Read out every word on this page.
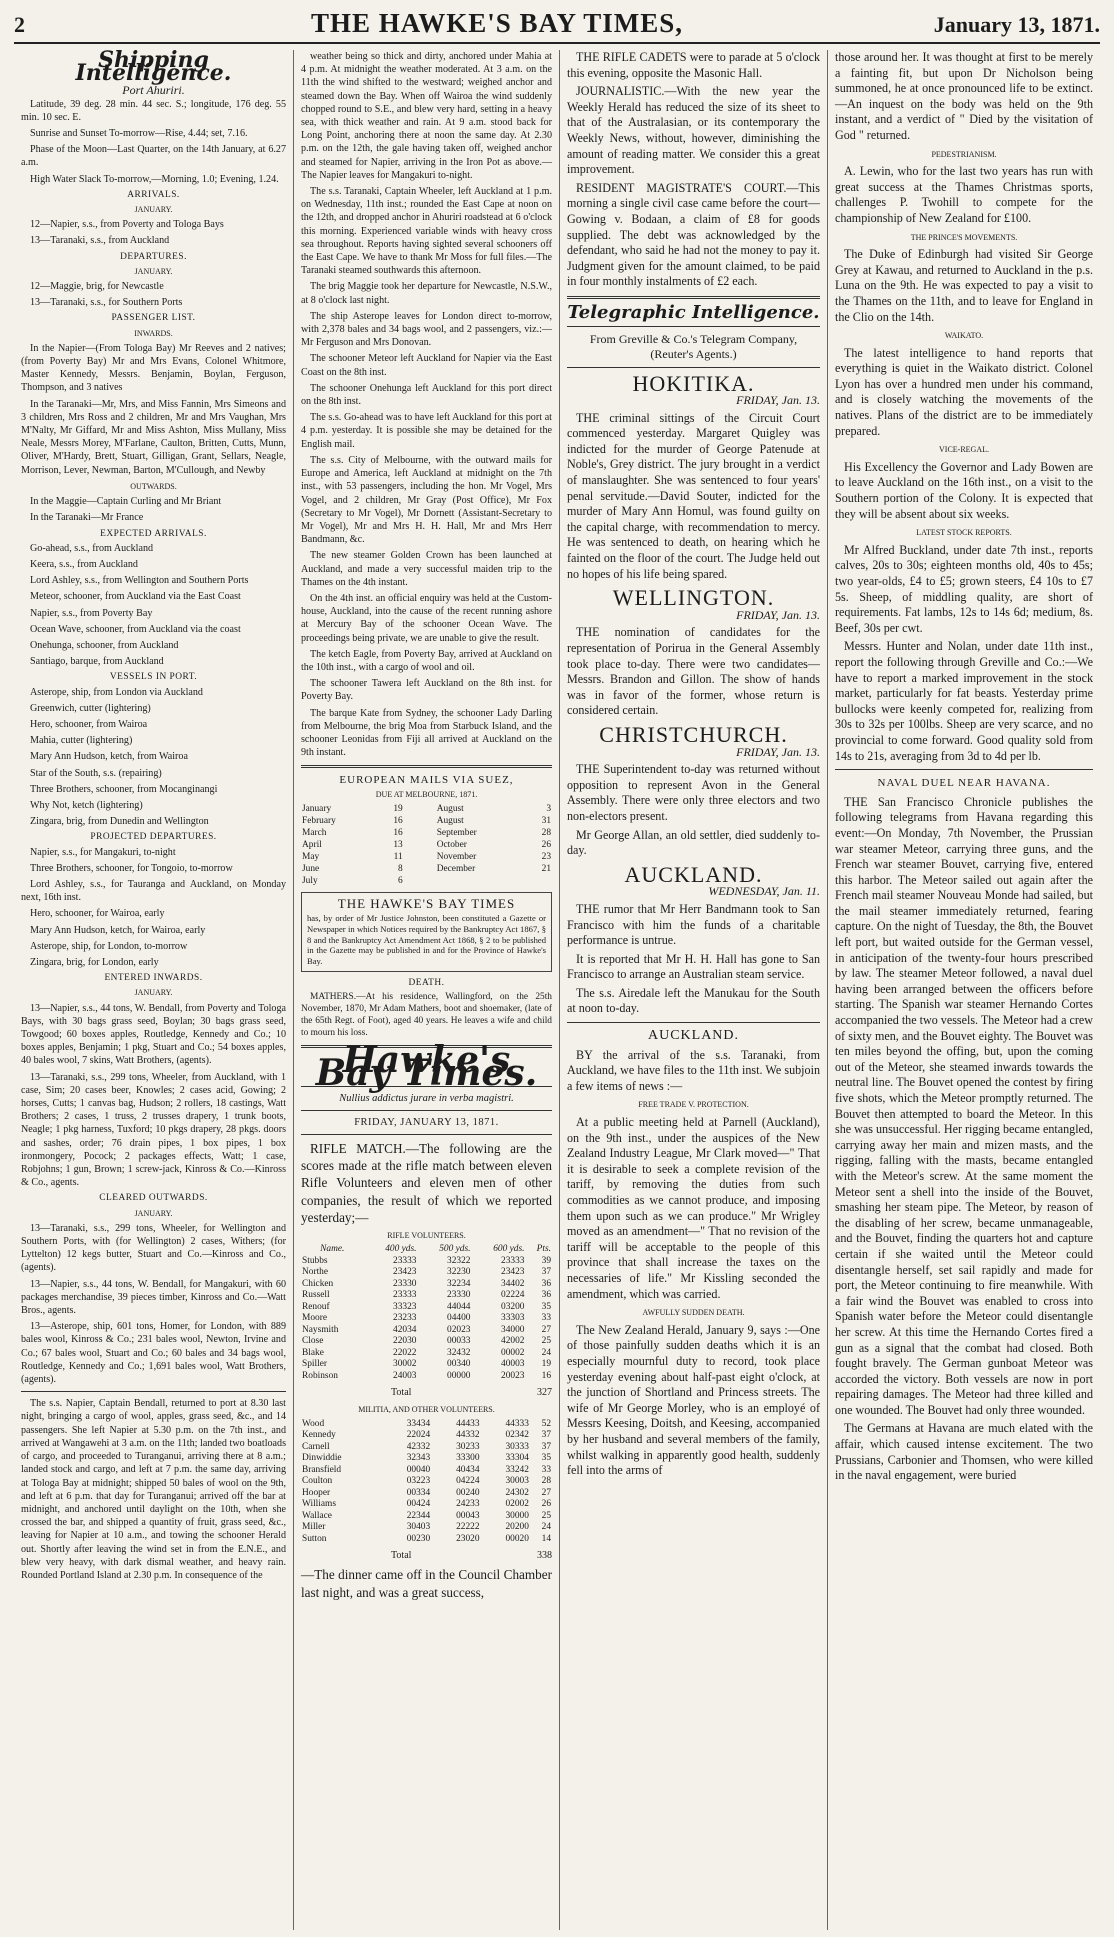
2	THE HAWKE'S BAY TIMES,	January 13, 1871.
Shipping Intelligence.
Port Ahuriri.

Latitude, 39 deg. 28 min. 44 sec. S.; longitude, 176 deg. 55 min. 10 sec. E.

Sunrise and Sunset To-morrow—Rise, 4.44; set, 7.16.

Phase of the Moon—Last Quarter, on the 14th January, at 6.27 a.m.

High Water Slack To-morrow,—Morning, 1.0; Evening, 1.24.

ARRIVALS.
JANUARY.

12—Napier, s.s., from Poverty and Tologa Bays

13—Taranaki, s.s., from Auckland

DEPARTURES.
JANUARY.

12—Maggie, brig, for Newcastle

13—Taranaki, s.s., for Southern Ports

PASSENGER LIST.
INWARDS.

In the Napier—(From Tologa Bay) Mr Reeves and 2 natives; (from Poverty Bay) Mr and Mrs Evans, Colonel Whitmore, Master Kennedy, Messrs. Benjamin, Boylan, Ferguson, Thompson, and 3 natives

In the Taranaki—Mr, Mrs, and Miss Fannin, Mrs Simeons and 3 children, Mrs Ross and 2 children, Mr and Mrs Vaughan, Mrs M'Nalty, Mr Giffard, Mr and Miss Ashton, Miss Mullany, Miss Neale, Messrs Morey, M'Farlane, Caulton, Britten, Cutts, Munn, Oliver, M'Hardy, Brett, Stuart, Gilligan, Grant, Sellars, Neagle, Morrison, Lever, Newman, Barton, M'Cullough, and Newby

OUTWARDS.

In the Maggie—Captain Curling and Mr Briant

In the Taranaki—Mr France

EXPECTED ARRIVALS.

Go-ahead, s.s., from Auckland

Keera, s.s., from Auckland

Lord Ashley, s.s., from Wellington and Southern Ports

Meteor, schooner, from Auckland via the East Coast

Napier, s.s., from Poverty Bay

Ocean Wave, schooner, from Auckland via the coast

Onehunga, schooner, from Auckland

Santiago, barque, from Auckland

VESSELS IN PORT.

Asterope, ship, from London via Auckland

Greenwich, cutter (lightering)

Hero, schooner, from Wairoa

Mahia, cutter (lightering)

Mary Ann Hudson, ketch, from Wairoa

Star of the South, s.s. (repairing)

Three Brothers, schooner, from Mocanginangi

Why Not, ketch (lightering)

Zingara, brig, from Dunedin and Wellington

PROJECTED DEPARTURES.

Napier, s.s., for Mangakuri, to-night

Three Brothers, schooner, for Tongoio, to-morrow

Lord Ashley, s.s., for Tauranga and Auckland, on Monday next, 16th inst.

Hero, schooner, for Wairoa, early

Mary Ann Hudson, ketch, for Wairoa, early

Asterope, ship, for London, to-morrow

Zingara, brig, for London, early

ENTERED INWARDS.
JANUARY.

13—Napier, s.s., 44 tons, W. Bendall, from Poverty and Tologa Bays, with 30 bags grass seed, Boylan; 30 bags grass seed, Towgood; 60 boxes apples, Routledge, Kennedy and Co.; 10 boxes apples, Benjamin; 1 pkg, Stuart and Co.; 54 boxes apples, 40 bales wool, 7 skins, Watt Brothers, (agents).

13—Taranaki, s.s., 299 tons, Wheeler, from Auckland, with 1 case, Sim; 20 cases beer, Knowles; 2 cases acid, Gowing; 2 horses, Cutts; 1 canvas bag, Hudson; 2 rollers, 18 castings, Watt Brothers; 2 cases, 1 truss, 2 trusses drapery, 1 trunk boots, Neagle; 1 pkg harness, Tuxford; 10 pkgs drapery, 28 pkgs. doors and sashes, order; 76 drain pipes, 1 box pipes, 1 box ironmongery, Pocock; 2 packages effects, Watt; 1 case, Robjohns; 1 gun, Brown; 1 screw-jack, Kinross & Co.—Kinross & Co., agents.

CLEARED OUTWARDS.
JANUARY.

13—Taranaki, s.s., 299 tons, Wheeler, for Wellington and Southern Ports, with (for Wellington) 2 cases, Withers; (for Lyttelton) 12 kegs butter, Stuart and Co.—Kinross and Co., (agents).

13—Napier, s.s., 44 tons, W. Bendall, for Mangakuri, with 60 packages merchandise, 39 pieces timber, Kinross and Co.—Watt Bros., agents.

13—Asterope, ship, 601 tons, Homer, for London, with 889 bales wool, Kinross & Co.; 231 bales wool, Newton, Irvine and Co.; 67 bales wool, Stuart and Co.; 60 bales and 34 bags wool, Routledge, Kennedy and Co.; 1,691 bales wool, Watt Brothers, (agents).

The s.s. Napier, Captain Bendall, returned to port at 8.30 last night, bringing a cargo of wool, apples, grass seed, &c., and 14 passengers. She left Napier at 5.30 p.m. on the 7th inst., and arrived at Wangawehi at 3 a.m. on the 11th; landed two boatloads of cargo, and proceeded to Turanganui, arriving there at 8 a.m.; landed stock and cargo, and left at 7 p.m. the same day, arriving at Tologa Bay at midnight; shipped 50 bales of wool on the 9th, and left at 6 p.m. that day for Turanganui; arrived off the bar at midnight, and anchored until daylight on the 10th, when she crossed the bar, and shipped a quantity of fruit, grass seed, &c., leaving for Napier at 10 a.m., and towing the schooner Herald out. Shortly after leaving the wind set in from the E.N.E., and blew very heavy, with dark dismal weather, and heavy rain. Rounded Portland Island at 2.30 p.m. In consequence of the

weather being so thick and dirty, anchored under Mahia at 4 p.m. At midnight the weather moderated. At 3 a.m. on the 11th the wind shifted to the westward; weighed anchor and steamed down the Bay. When off Wairoa the wind suddenly chopped round to S.E., and blew very hard, setting in a heavy sea, with thick weather and rain. At 9 a.m. stood back for Long Point, anchoring there at noon the same day. At 2.30 p.m. on the 12th, the gale having taken off, weighed anchor and steamed for Napier, arriving in the Iron Pot as above.—The Napier leaves for Mangakuri to-night.

The s.s. Taranaki, Captain Wheeler, left Auckland at 1 p.m. on Wednesday, 11th inst.; rounded the East Cape at noon on the 12th, and dropped anchor in Ahuriri roadstead at 6 o'clock this morning. Experienced variable winds with heavy cross sea throughout. Reports having sighted several schooners off the East Cape. We have to thank Mr Moss for full files.—The Taranaki steamed southwards this afternoon.

The brig Maggie took her departure for Newcastle, N.S.W., at 8 o'clock last night.

The ship Asterope leaves for London direct to-morrow, with 2,378 bales and 34 bags wool, and 2 passengers, viz.:—Mr Ferguson and Mrs Donovan.

The schooner Meteor left Auckland for Napier via the East Coast on the 8th inst.

The schooner Onehunga left Auckland for this port direct on the 8th inst.

The s.s. Go-ahead was to have left Auckland for this port at 4 p.m. yesterday. It is possible she may be detained for the English mail.

The s.s. City of Melbourne, with the outward mails for Europe and America, left Auckland at midnight on the 7th inst., with 53 passengers, including the hon. Mr Vogel, Mrs Vogel, and 2 children, Mr Gray (Post Office), Mr Fox (Secretary to Mr Vogel), Mr Dornett (Assistant-Secretary to Mr Vogel), Mr and Mrs H. H. Hall, Mr and Mrs Herr Bandmann, &c.

The new steamer Golden Crown has been launched at Auckland, and made a very successful maiden trip to the Thames on the 4th instant.

On the 4th inst. an official enquiry was held at the Custom-house, Auckland, into the cause of the recent running ashore at Mercury Bay of the schooner Ocean Wave. The proceedings being private, we are unable to give the result.

The ketch Eagle, from Poverty Bay, arrived at Auckland on the 10th inst., with a cargo of wool and oil.

The schooner Tawera left Auckland on the 8th inst. for Poverty Bay.

The barque Kate from Sydney, the schooner Lady Darling from Melbourne, the brig Moa from Starbuck Island, and the schooner Leonidas from Fiji all arrived at Auckland on the 9th instant.

EUROPEAN MAILS VIA SUEZ,
DUE AT MELBOURNE, 1871.
January	19		August	3
February	16		August	31
March	16		September	28
April	13		October	26
May	11		November	23
June	8		December	21
July	6			
THE HAWKE'S BAY TIMES
has, by order of Mr Justice Johnston, been constituted a Gazette or Newspaper in which Notices required by the Bankruptcy Act 1867, § 8 and the Bankruptcy Act Amendment Act 1868, § 2 to be published in the Gazette may be published in and for the Province of Hawke's Bay.
DEATH.

MATHERS.—At his residence, Wallingford, on the 25th November, 1870, Mr Adam Mathers, boot and shoemaker, (late of the 65th Regt. of Foot), aged 40 years. He leaves a wife and child to mourn his loss.

Hawke's Bay Times.
Nullius addictus jurare in verba magistri.
FRIDAY, JANUARY 13, 1871.

RIFLE MATCH.—The following are the scores made at the rifle match between eleven Rifle Volunteers and eleven men of other companies, the result of which we reported yesterday;—

RIFLE VOLUNTEERS.
Name.	400 yds.	500 yds.	600 yds.	Pts.
Stubbs	23333	32322	23333	39
Northe	23423	32230	23423	37
Chicken	23330	32234	34402	36
Russell	23333	23330	02224	36
Renouf	33323	44044	03200	35
Moore	23233	04400	33303	33
Naysmith	42034	02023	34000	27
Close	22030	00033	42002	25
Blake	22022	32432	00002	24
Spiller	30002	00340	40003	19
Robinson	24003	00000	20023	16
Total	327
MILITIA, AND OTHER VOLUNTEERS.
Wood	33434	44433	44333	52
Kennedy	22024	44332	02342	37
Carnell	42332	30233	30333	37
Dinwiddie	32343	33300	33304	35
Bransfield	00040	40434	33242	33
Coulton	03223	04224	30003	28
Hooper	00334	00240	24302	27
Williams	00424	24233	02002	26
Wallace	22344	00043	30000	25
Miller	30403	22222	20200	24
Sutton	00230	23020	00020	14
Total	338

—The dinner came off in the Council Chamber last night, and was a great success,

THE RIFLE CADETS were to parade at 5 o'clock this evening, opposite the Masonic Hall.

JOURNALISTIC.—With the new year the Weekly Herald has reduced the size of its sheet to that of the Australasian, or its contemporary the Weekly News, without, however, diminishing the amount of reading matter. We consider this a great improvement.

RESIDENT MAGISTRATE'S COURT.—This morning a single civil case came before the court—Gowing v. Bodaan, a claim of £8 for goods supplied. The debt was acknowledged by the defendant, who said he had not the money to pay it. Judgment given for the amount claimed, to be paid in four monthly instalments of £2 each.

Telegraphic Intelligence.
From Greville & Co.'s Telegram Company, (Reuter's Agents.)
HOKITIKA.
FRIDAY, Jan. 13.

THE criminal sittings of the Circuit Court commenced yesterday. Margaret Quigley was indicted for the murder of George Patenude at Noble's, Grey district. The jury brought in a verdict of manslaughter. She was sentenced to four years' penal servitude.—David Souter, indicted for the murder of Mary Ann Homul, was found guilty on the capital charge, with recommendation to mercy. He was sentenced to death, on hearing which he fainted on the floor of the court. The Judge held out no hopes of his life being spared.

WELLINGTON.
FRIDAY, Jan. 13.

THE nomination of candidates for the representation of Porirua in the General Assembly took place to-day. There were two candidates—Messrs. Brandon and Gillon. The show of hands was in favor of the former, whose return is considered certain.

CHRISTCHURCH.
FRIDAY, Jan. 13.

THE Superintendent to-day was returned without opposition to represent Avon in the General Assembly. There were only three electors and two non-electors present.

Mr George Allan, an old settler, died suddenly to-day.

AUCKLAND.
WEDNESDAY, Jan. 11.

THE rumor that Mr Herr Bandmann took to San Francisco with him the funds of a charitable performance is untrue.

It is reported that Mr H. H. Hall has gone to San Francisco to arrange an Australian steam service.

The s.s. Airedale left the Manukau for the South at noon to-day.

AUCKLAND.

BY the arrival of the s.s. Taranaki, from Auckland, we have files to the 11th inst. We subjoin a few items of news :—

FREE TRADE V. PROTECTION.

At a public meeting held at Parnell (Auckland), on the 9th inst., under the auspices of the New Zealand Industry League, Mr Clark moved—" That it is desirable to seek a complete revision of the tariff, by removing the duties from such commodities as we cannot produce, and imposing them upon such as we can produce." Mr Wrigley moved as an amendment—" That no revision of the tariff will be acceptable to the people of this province that shall increase the taxes on the necessaries of life." Mr Kissling seconded the amendment, which was carried.

AWFULLY SUDDEN DEATH.

The New Zealand Herald, January 9, says :—One of those painfully sudden deaths which it is an especially mournful duty to record, took place yesterday evening about half-past eight o'clock, at the junction of Shortland and Princess streets. The wife of Mr George Morley, who is an employé of Messrs Keesing, Doitsh, and Keesing, accompanied by her husband and several members of the family, whilst walking in apparently good health, suddenly fell into the arms of

those around her. It was thought at first to be merely a fainting fit, but upon Dr Nicholson being summoned, he at once pronounced life to be extinct.—An inquest on the body was held on the 9th instant, and a verdict of " Died by the visitation of God " returned.

PEDESTRIANISM.

A. Lewin, who for the last two years has run with great success at the Thames Christmas sports, challenges P. Twohill to compete for the championship of New Zealand for £100.

THE PRINCE'S MOVEMENTS.

The Duke of Edinburgh had visited Sir George Grey at Kawau, and returned to Auckland in the p.s. Luna on the 9th. He was expected to pay a visit to the Thames on the 11th, and to leave for England in the Clio on the 14th.

WAIKATO.

The latest intelligence to hand reports that everything is quiet in the Waikato district. Colonel Lyon has over a hundred men under his command, and is closely watching the movements of the natives. Plans of the district are to be immediately prepared.

VICE-REGAL.

His Excellency the Governor and Lady Bowen are to leave Auckland on the 16th inst., on a visit to the Southern portion of the Colony. It is expected that they will be absent about six weeks.

LATEST STOCK REPORTS.

Mr Alfred Buckland, under date 7th inst., reports calves, 20s to 30s; eighteen months old, 40s to 45s; two year-olds, £4 to £5; grown steers, £4 10s to £7 5s. Sheep, of middling quality, are short of requirements. Fat lambs, 12s to 14s 6d; medium, 8s. Beef, 30s per cwt.

Messrs. Hunter and Nolan, under date 11th inst., report the following through Greville and Co.:—We have to report a marked improvement in the stock market, particularly for fat beasts. Yesterday prime bullocks were keenly competed for, realizing from 30s to 32s per 100lbs. Sheep are very scarce, and no provincial to come forward. Good quality sold from 14s to 21s, averaging from 3d to 4d per lb.

NAVAL DUEL NEAR HAVANA.

THE San Francisco Chronicle publishes the following telegrams from Havana regarding this event:—On Monday, 7th November, the Prussian war steamer Meteor, carrying three guns, and the French war steamer Bouvet, carrying five, entered this harbor. The Meteor sailed out again after the French mail steamer Nouveau Monde had sailed, but the mail steamer immediately returned, fearing capture. On the night of Tuesday, the 8th, the Bouvet left port, but waited outside for the German vessel, in anticipation of the twenty-four hours prescribed by law. The steamer Meteor followed, a naval duel having been arranged between the officers before starting. The Spanish war steamer Hernando Cortes accompanied the two vessels. The Meteor had a crew of sixty men, and the Bouvet eighty. The Bouvet was ten miles beyond the offing, but, upon the coming out of the Meteor, she steamed inwards towards the neutral line. The Bouvet opened the contest by firing five shots, which the Meteor promptly returned. The Bouvet then attempted to board the Meteor. In this she was unsuccessful. Her rigging became entangled, carrying away her main and mizen masts, and the rigging, falling with the masts, became entangled with the Meteor's screw. At the same moment the Meteor sent a shell into the inside of the Bouvet, smashing her steam pipe. The Meteor, by reason of the disabling of her screw, became unmanageable, and the Bouvet, finding the quarters hot and capture certain if she waited until the Meteor could disentangle herself, set sail rapidly and made for port, the Meteor continuing to fire meanwhile. With a fair wind the Bouvet was enabled to cross into Spanish water before the Meteor could disentangle her screw. At this time the Hernando Cortes fired a gun as a signal that the combat had closed. Both fought bravely. The German gunboat Meteor was accorded the victory. Both vessels are now in port repairing damages. The Meteor had three killed and one wounded. The Bouvet had only three wounded.

The Germans at Havana are much elated with the affair, which caused intense excitement. The two Prussians, Carbonier and Thomsen, who were killed in the naval engagement, were buried
